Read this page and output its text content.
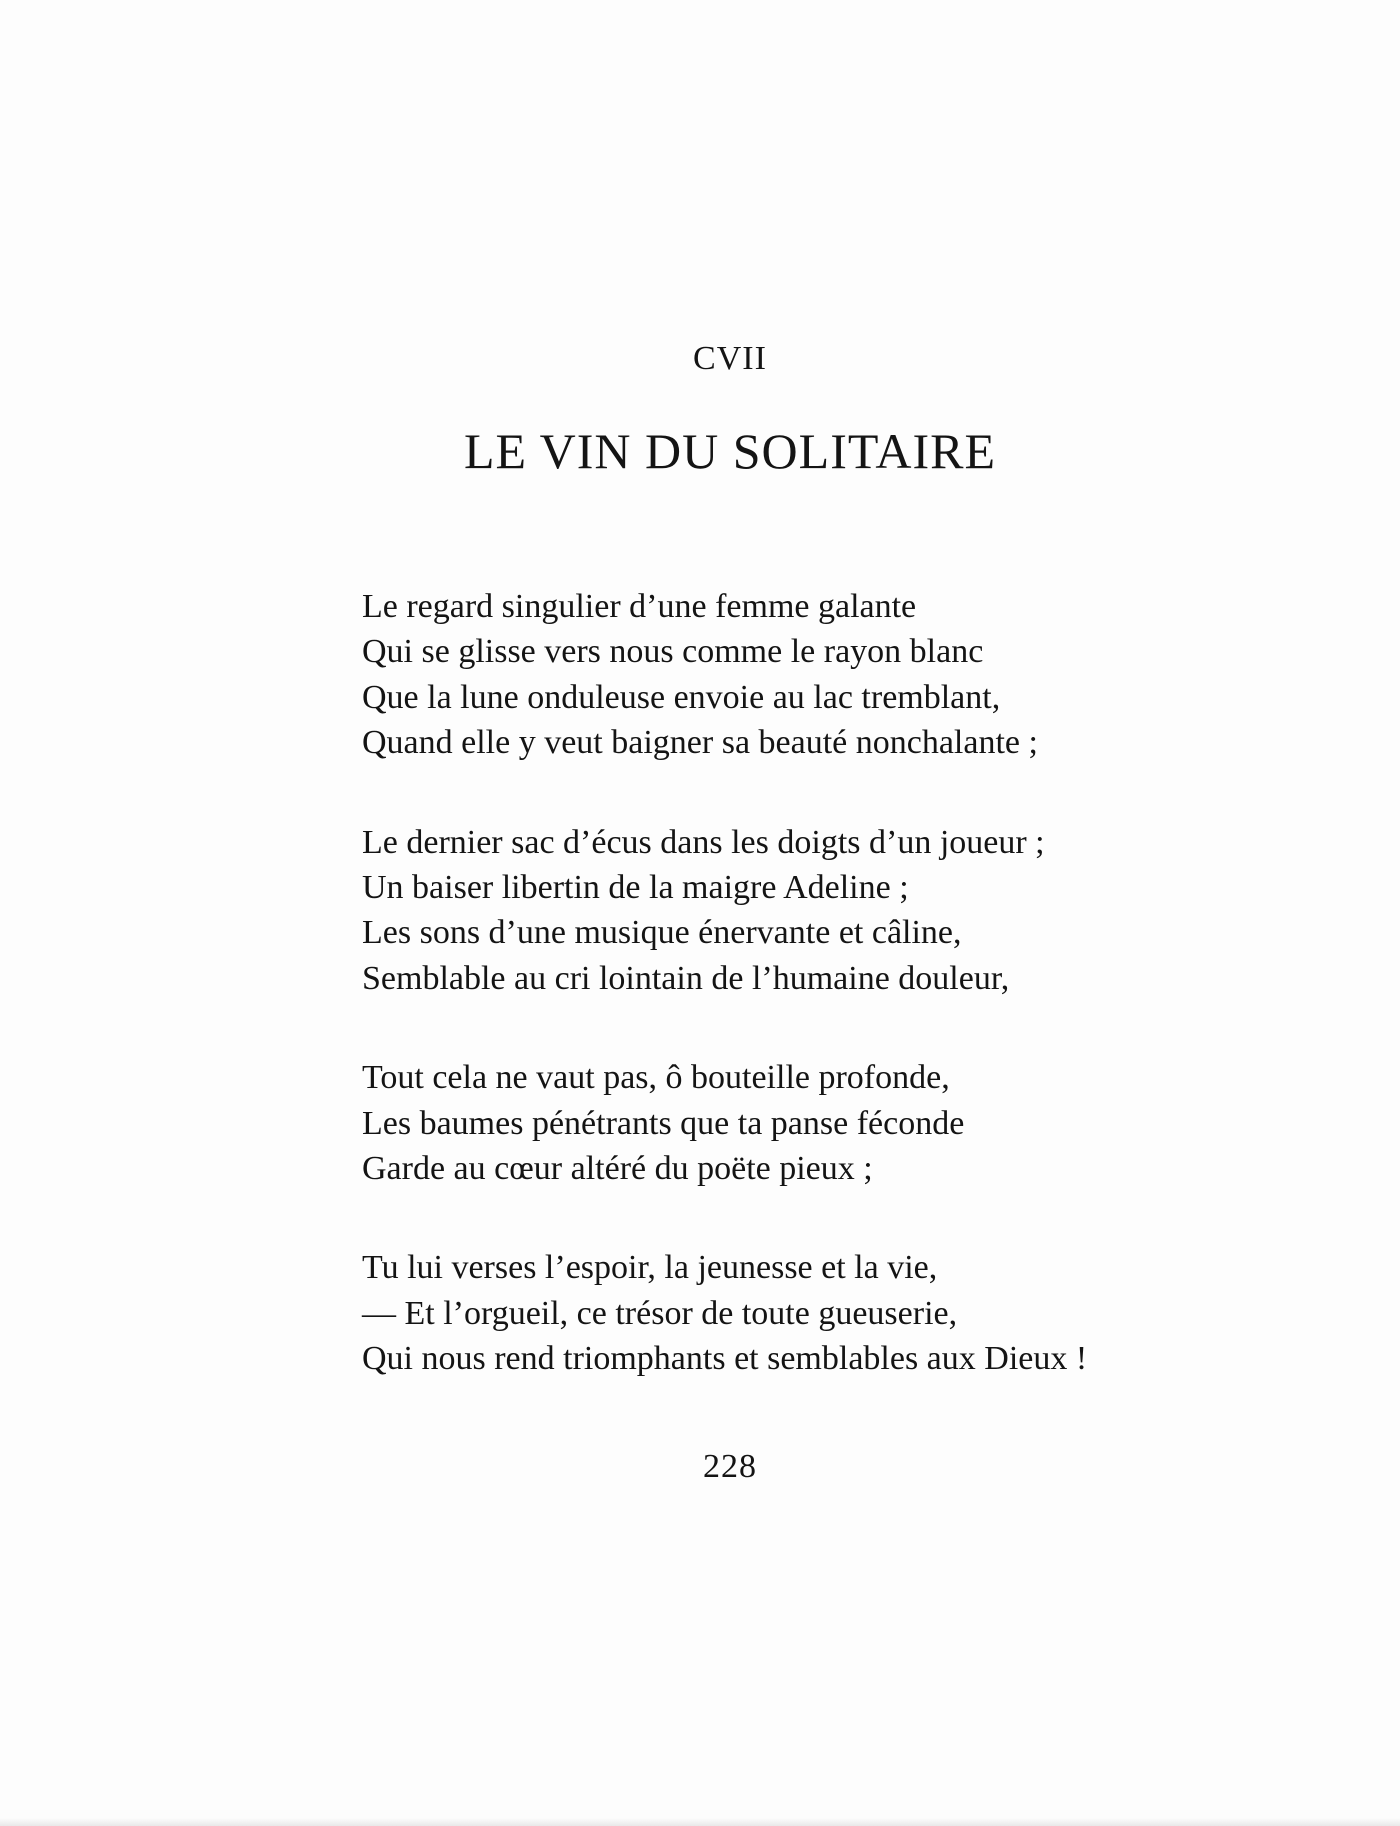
CVII
LE VIN DU SOLITAIRE
Le regard singulier d’une femme galante
Qui se glisse vers nous comme le rayon blanc
Que la lune onduleuse envoie au lac tremblant,
Quand elle y veut baigner sa beauté nonchalante ;
Le dernier sac d’écus dans les doigts d’un joueur ;
Un baiser libertin de la maigre Adeline ;
Les sons d’une musique énervante et câline,
Semblable au cri lointain de l’humaine douleur,
Tout cela ne vaut pas, ô bouteille profonde,
Les baumes pénétrants que ta panse féconde
Garde au cœur altéré du poëte pieux ;
Tu lui verses l’espoir, la jeunesse et la vie,
— Et l’orgueil, ce trésor de toute gueuserie,
Qui nous rend triomphants et semblables aux Dieux !
228
